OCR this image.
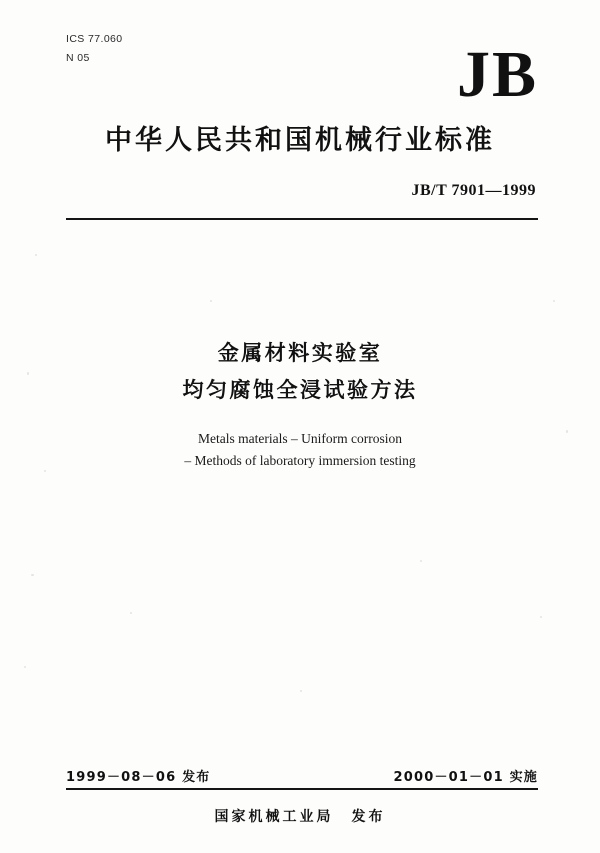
ICS 77.060
N 05	JB
中华人民共和国机械行业标准
JB/T 7901—1999
金属材料实验室
均匀腐蚀全浸试验方法
Metals materials – Uniform corrosion
– Methods of laboratory immersion testing
1999－08－06 发布	2000－01－01 实施
国家机械工业局 发布
